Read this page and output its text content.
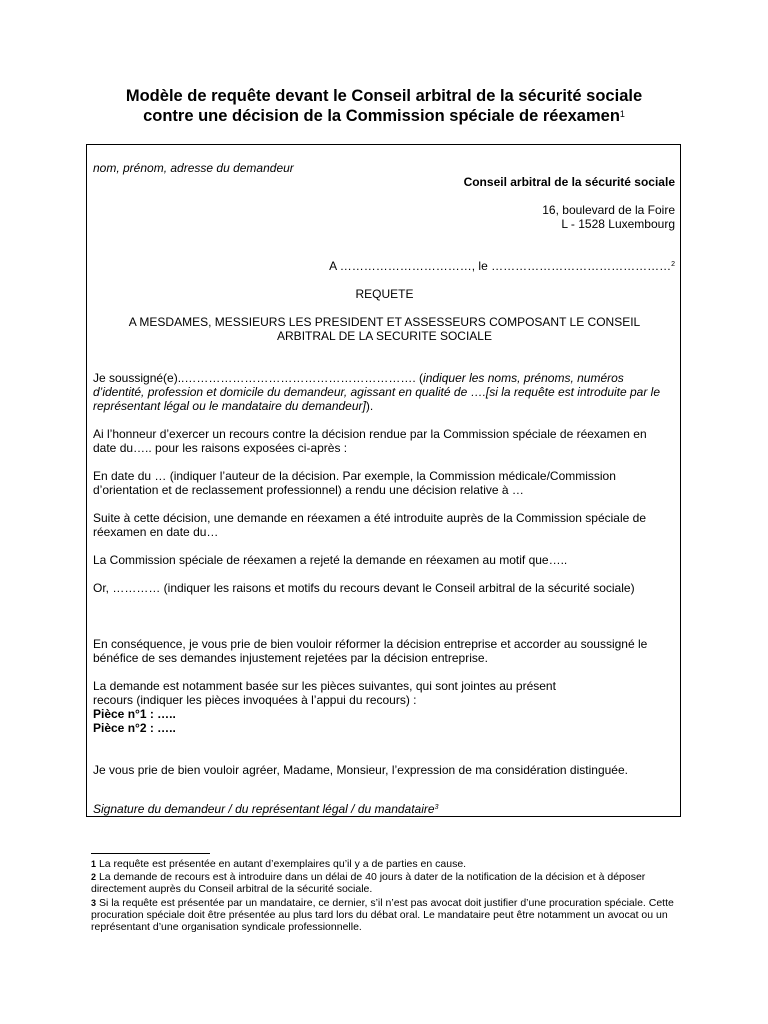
Modèle de requête devant le Conseil arbitral de la sécurité sociale
contre une décision de la Commission spéciale de réexamen$^1$
nom, prénom, adresse du demandeur
Conseil arbitral de la sécurité sociale
16, boulevard de la Foire
L - 1528 Luxembourg
A ……………………………, le ………………………………………$^2$
REQUETE
A MESDAMES, MESSIEURS LES PRESIDENT ET ASSESSEURS COMPOSANT LE CONSEIL
ARBITRAL DE LA SECURITE SOCIALE
Je soussigné(e)..…………………………………………………. (indiquer les noms, prénoms, numéros d’identité, profession et domicile du demandeur, agissant en qualité de ….[si la requête est introduite par le représentant légal ou le mandataire du demandeur]).
Ai l’honneur d’exercer un recours contre la décision rendue par la Commission spéciale de réexamen en date du….. pour les raisons exposées ci-après :
En date du … (indiquer l’auteur de la décision. Par exemple, la Commission médicale/Commission d’orientation et de reclassement professionnel) a rendu une décision relative à …
Suite à cette décision, une demande en réexamen a été introduite auprès de la Commission spéciale de réexamen en date du…
La Commission spéciale de réexamen a rejeté la demande en réexamen au motif que…..
Or, ………… (indiquer les raisons et motifs du recours devant le Conseil arbitral de la sécurité sociale)
En conséquence, je vous prie de bien vouloir réformer la décision entreprise et accorder au soussigné le bénéfice de ses demandes injustement rejetées par la décision entreprise.
La demande est notamment basée sur les pièces suivantes, qui sont jointes au présent
recours (indiquer les pièces invoquées à l’appui du recours) :
Pièce n°1 : …..
Pièce n°2 : …..
Je vous prie de bien vouloir agréer, Madame, Monsieur, l’expression de ma considération distinguée.
Signature du demandeur / du représentant légal / du mandataire$^3$
1 La requête est présentée en autant d’exemplaires qu’il y a de parties en cause.
2 La demande de recours est à introduire dans un délai de 40 jours à dater de la notification de la décision et à déposer directement auprès du Conseil arbitral de la sécurité sociale.
3 Si la requête est présentée par un mandataire, ce dernier, s’il n’est pas avocat doit justifier d’une procuration spéciale. Cette procuration spéciale doit être présentée au plus tard lors du débat oral. Le mandataire peut être notamment un avocat ou un représentant d’une organisation syndicale professionnelle.
